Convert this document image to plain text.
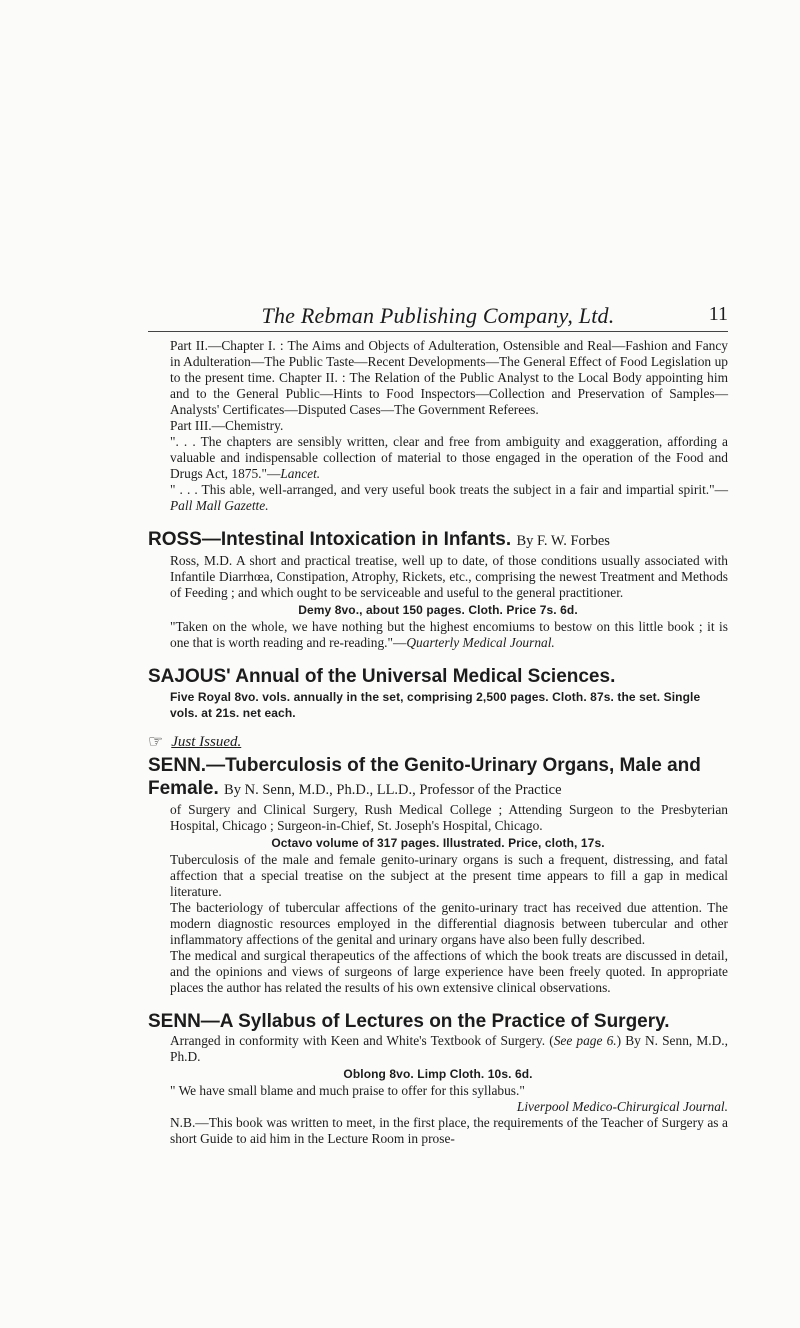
The Rebman Publishing Company, Ltd.	11

Part II.—Chapter I. : The Aims and Objects of Adulteration, Ostensible and Real—Fashion and Fancy in Adulteration—The Public Taste—Recent Developments—The General Effect of Food Legislation up to the present time. Chapter II. : The Relation of the Public Analyst to the Local Body appointing him and to the General Public—Hints to Food Inspectors—Collection and Preservation of Samples—Analysts' Certificates—Disputed Cases—The Government Referees.

Part III.—Chemistry.

". . . The chapters are sensibly written, clear and free from ambiguity and exaggeration, affording a valuable and indispensable collection of material to those engaged in the operation of the Food and Drugs Act, 1875."—Lancet.

" . . . This able, well-arranged, and very useful book treats the subject in a fair and impartial spirit."—Pall Mall Gazette.

ROSS—Intestinal Intoxication in Infants. By F. W. Forbes

Ross, M.D. A short and practical treatise, well up to date, of those conditions usually associated with Infantile Diarrhœa, Constipation, Atrophy, Rickets, etc., comprising the newest Treatment and Methods of Feeding ; and which ought to be serviceable and useful to the general practitioner.

Demy 8vo., about 150 pages. Cloth. Price 7s. 6d.

"Taken on the whole, we have nothing but the highest encomiums to bestow on this little book ; it is one that is worth reading and re-reading."—Quarterly Medical Journal.

SAJOUS' Annual of the Universal Medical Sciences.

Five Royal 8vo. vols. annually in the set, comprising 2,500 pages. Cloth. 87s. the set. Single vols. at 21s. net each.

☞ Just Issued.

SENN.—Tuberculosis of the Genito-Urinary Organs, Male and Female. By N. Senn, M.D., Ph.D., LL.D., Professor of the Practice

of Surgery and Clinical Surgery, Rush Medical College ; Attending Surgeon to the Presbyterian Hospital, Chicago ; Surgeon-in-Chief, St. Joseph's Hospital, Chicago.

Octavo volume of 317 pages. Illustrated. Price, cloth, 17s.

Tuberculosis of the male and female genito-urinary organs is such a frequent, distressing, and fatal affection that a special treatise on the subject at the present time appears to fill a gap in medical literature.

The bacteriology of tubercular affections of the genito-urinary tract has received due attention. The modern diagnostic resources employed in the differential diagnosis between tubercular and other inflammatory affections of the genital and urinary organs have also been fully described.

The medical and surgical therapeutics of the affections of which the book treats are discussed in detail, and the opinions and views of surgeons of large experience have been freely quoted. In appropriate places the author has related the results of his own extensive clinical observations.

SENN—A Syllabus of Lectures on the Practice of Surgery.

Arranged in conformity with Keen and White's Textbook of Surgery. (See page 6.) By N. Senn, M.D., Ph.D.

Oblong 8vo. Limp Cloth. 10s. 6d.

" We have small blame and much praise to offer for this syllabus."

Liverpool Medico-Chirurgical Journal.

N.B.—This book was written to meet, in the first place, the requirements of the Teacher of Surgery as a short Guide to aid him in the Lecture Room in prose-
